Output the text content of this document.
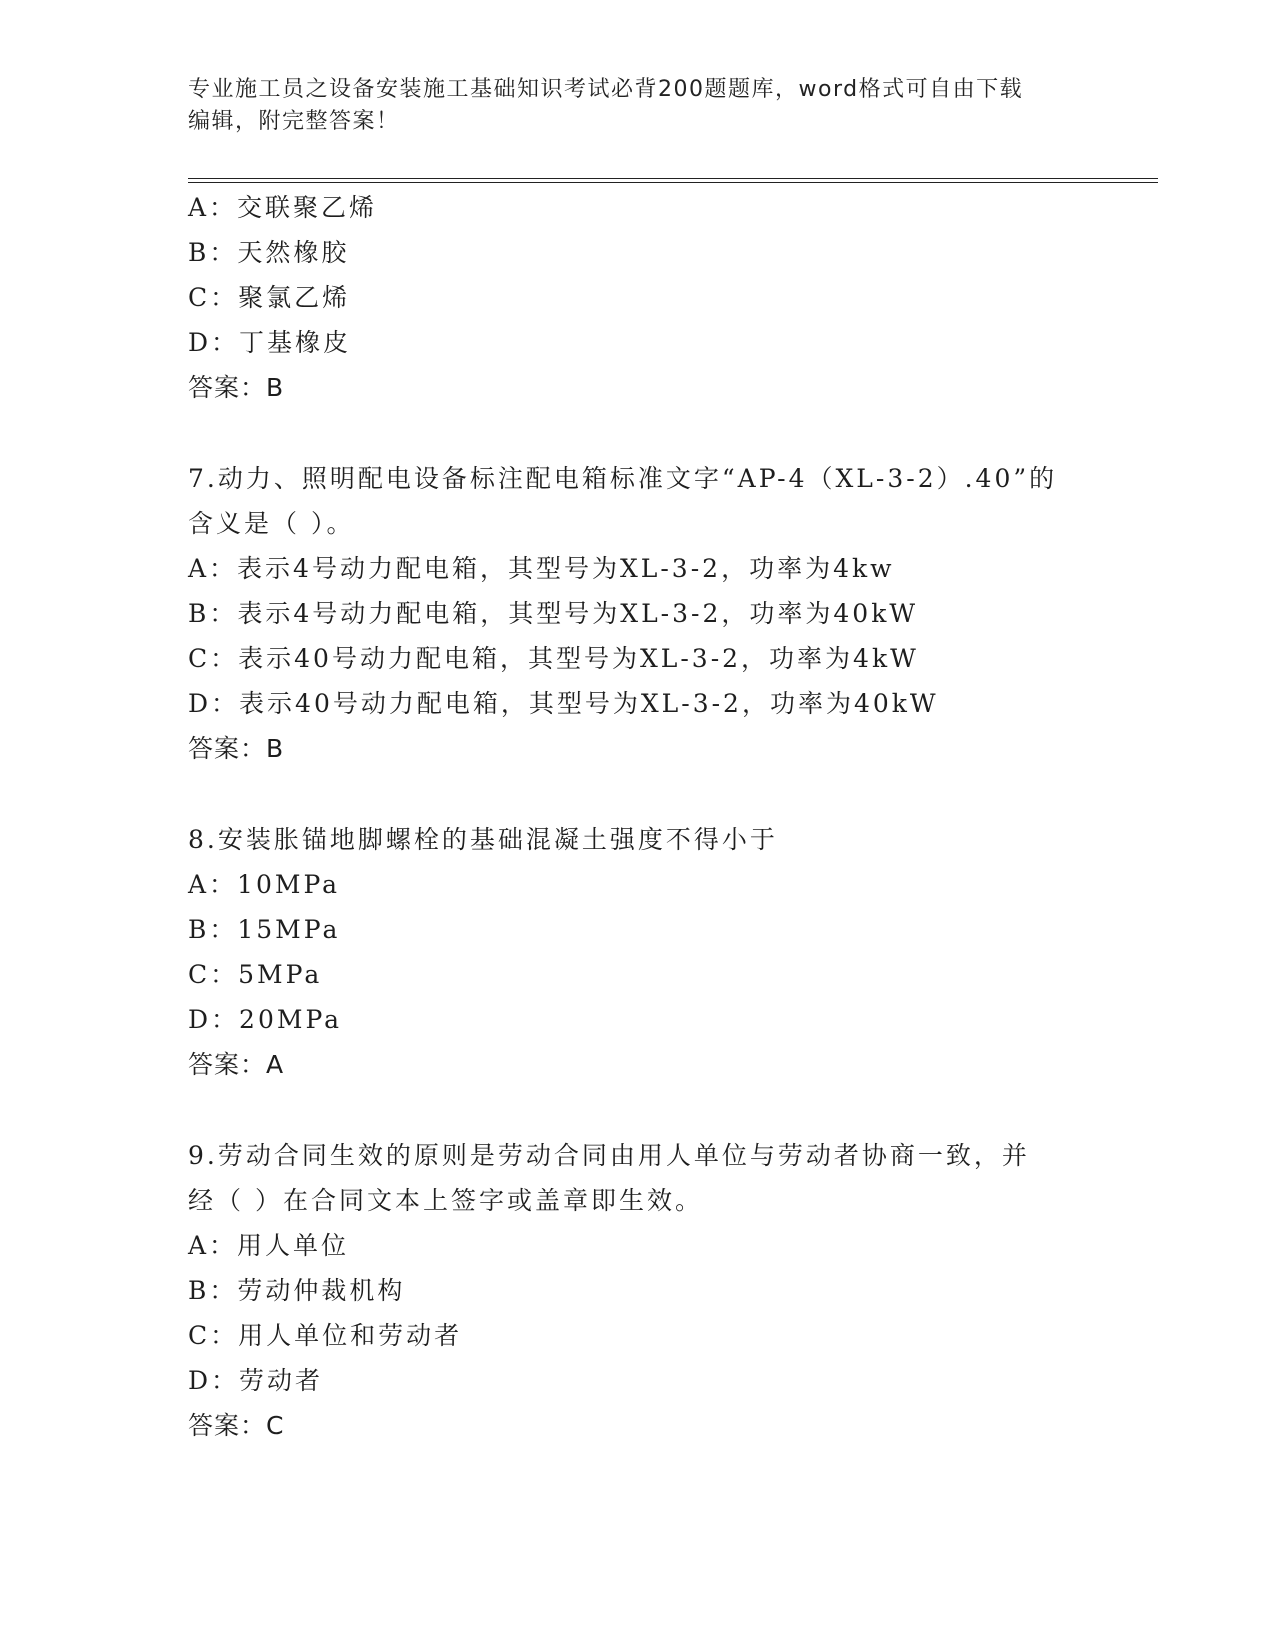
专业施工员之设备安装施工基础知识考试必背200题题库，word格式可自由下载
编辑，附完整答案！
A：交联聚乙烯
B：天然橡胶
C：聚氯乙烯
D：丁基橡皮
答案：B
7.动力、照明配电设备标注配电箱标准文字“AP-4（XL-3-2）.40”的
含义是（ ）。
A：表示4号动力配电箱，其型号为XL-3-2，功率为4kw
B：表示4号动力配电箱，其型号为XL-3-2，功率为40kW
C：表示40号动力配电箱，其型号为XL-3-2，功率为4kW
D：表示40号动力配电箱，其型号为XL-3-2，功率为40kW
答案：B
8.安装胀锚地脚螺栓的基础混凝土强度不得小于
A：10MPa
B：15MPa
C：5MPa
D：20MPa
答案：A
9.劳动合同生效的原则是劳动合同由用人单位与劳动者协商一致，并
经（ ）在合同文本上签字或盖章即生效。
A：用人单位
B：劳动仲裁机构
C：用人单位和劳动者
D：劳动者
答案：C
